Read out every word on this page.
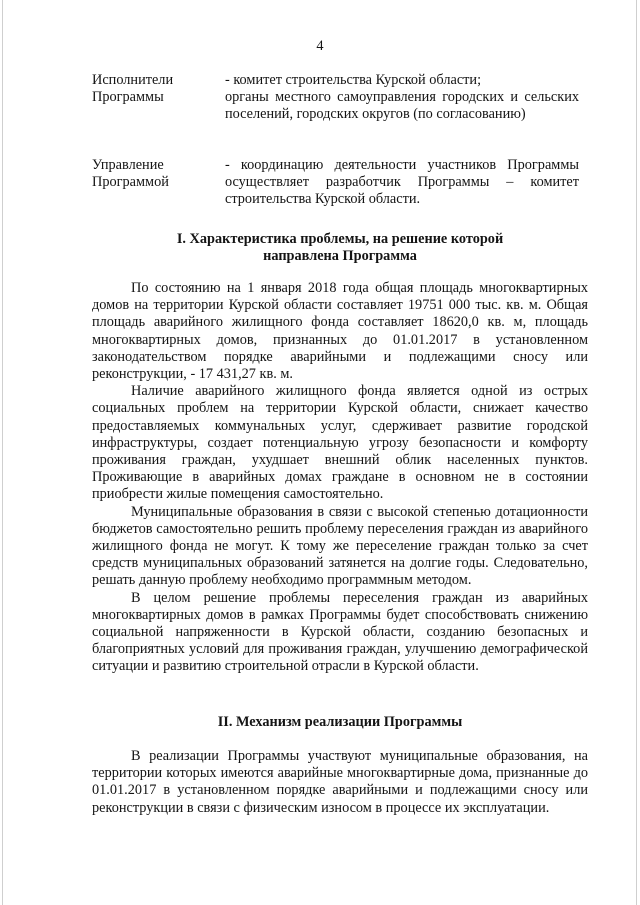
4
Исполнители Программы

- комитет строительства Курской области;

органы местного самоуправления городских и сельских поселений, городских округов (по согласованию)

Управление Программой

- координацию деятельности участников Программы осуществляет разработчик Программы – комитет строительства Курской области.

I. Характеристика проблемы, на решение которой направлена Программа

По состоянию на 1 января 2018 года общая площадь многоквартирных домов на территории Курской области составляет 19751 000 тыс. кв. м. Общая площадь аварийного жилищного фонда составляет 18620,0 кв. м, площадь многоквартирных домов, признанных до 01.01.2017 в установленном законодательством порядке аварийными и подлежащими сносу или реконструкции, - 17 431,27 кв. м.

Наличие аварийного жилищного фонда является одной из острых социальных проблем на территории Курской области, снижает качество предоставляемых коммунальных услуг, сдерживает развитие городской инфраструктуры, создает потенциальную угрозу безопасности и комфорту проживания граждан, ухудшает внешний облик населенных пунктов. Проживающие в аварийных домах граждане в основном не в состоянии приобрести жилые помещения самостоятельно.

Муниципальные образования в связи с высокой степенью дотационности бюджетов самостоятельно решить проблему переселения граждан из аварийного жилищного фонда не могут. К тому же переселение граждан только за счет средств муниципальных образований затянется на долгие годы. Следовательно, решать данную проблему необходимо программным методом.

В целом решение проблемы переселения граждан из аварийных многоквартирных домов в рамках Программы будет способствовать снижению социальной напряженности в Курской области, созданию безопасных и благоприятных условий для проживания граждан, улучшению демографической ситуации и развитию строительной отрасли в Курской области.

II. Механизм реализации Программы

В реализации Программы участвуют муниципальные образования, на территории которых имеются аварийные многоквартирные дома, признанные до 01.01.2017 в установленном порядке аварийными и подлежащими сносу или реконструкции в связи с физическим износом в процессе их эксплуатации.
